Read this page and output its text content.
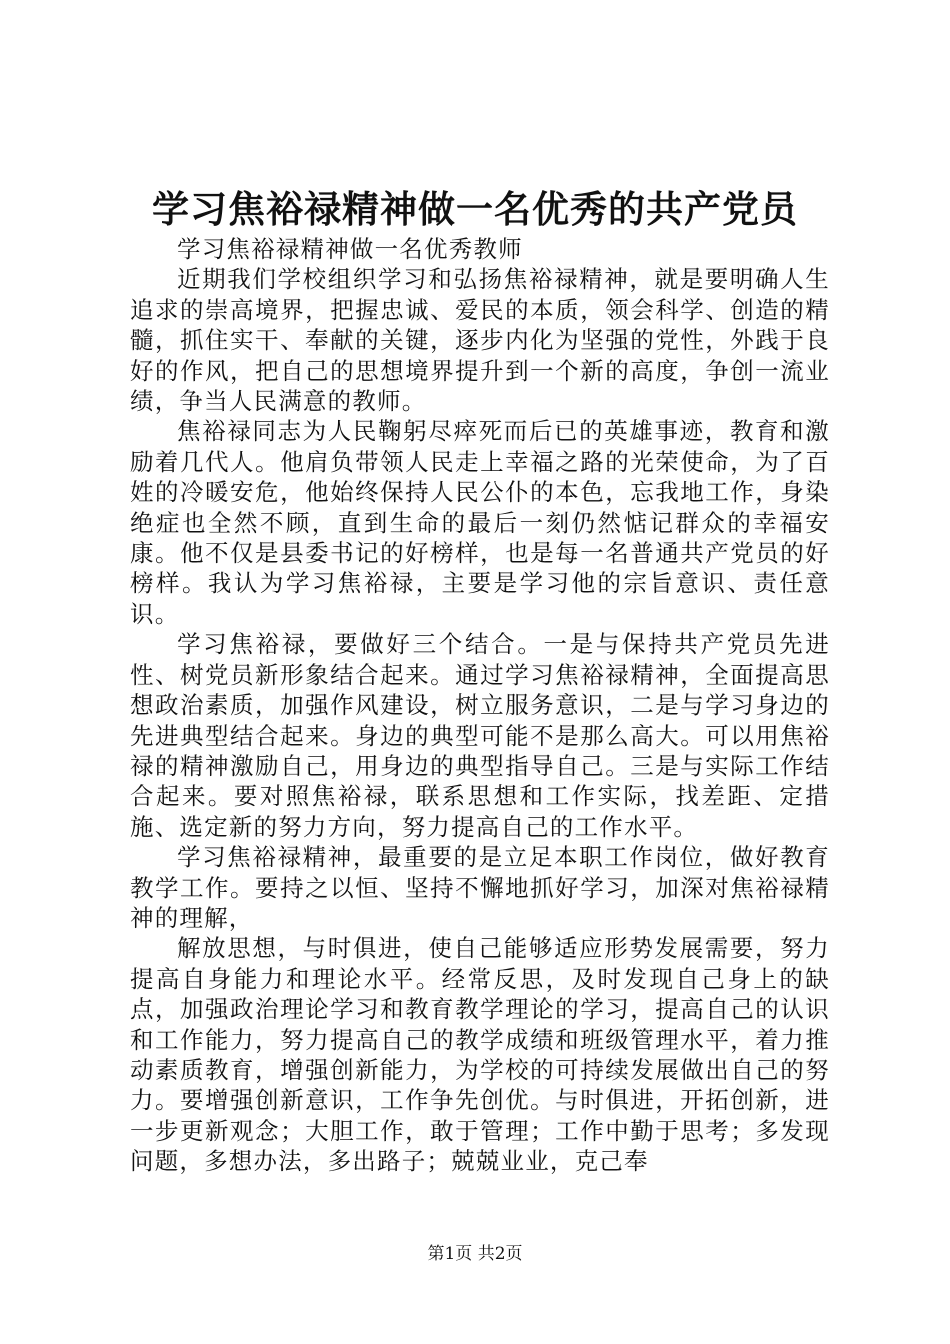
学习焦裕禄精神做一名优秀的共产党员

学习焦裕禄精神做一名优秀教师

近期我们学校组织学习和弘扬焦裕禄精神，就是要明确人生追求的崇高境界，把握忠诚、爱民的本质，领会科学、创造的精髓，抓住实干、奉献的关键，逐步内化为坚强的党性，外践于良好的作风，把自己的思想境界提升到一个新的高度，争创一流业绩，争当人民满意的教师。

焦裕禄同志为人民鞠躬尽瘁死而后已的英雄事迹，教育和激励着几代人。他肩负带领人民走上幸福之路的光荣使命，为了百姓的冷暖安危，他始终保持人民公仆的本色，忘我地工作，身染绝症也全然不顾，直到生命的最后一刻仍然惦记群众的幸福安康。他不仅是县委书记的好榜样，也是每一名普通共产党员的好榜样。我认为学习焦裕禄，主要是学习他的宗旨意识、责任意识。

学习焦裕禄，要做好三个结合。一是与保持共产党员先进性、树党员新形象结合起来。通过学习焦裕禄精神，全面提高思想政治素质，加强作风建设，树立服务意识，二是与学习身边的先进典型结合起来。身边的典型可能不是那么高大。可以用焦裕禄的精神激励自己，用身边的典型指导自己。三是与实际工作结合起来。要对照焦裕禄，联系思想和工作实际，找差距、定措施、选定新的努力方向，努力提高自己的工作水平。

学习焦裕禄精神，最重要的是立足本职工作岗位，做好教育教学工作。要持之以恒、坚持不懈地抓好学习，加深对焦裕禄精神的理解，

解放思想，与时俱进，使自己能够适应形势发展需要，努力提高自身能力和理论水平。经常反思，及时发现自己身上的缺点，加强政治理论学习和教育教学理论的学习，提高自己的认识和工作能力，努力提高自己的教学成绩和班级管理水平，着力推动素质教育，增强创新能力，为学校的可持续发展做出自己的努力。要增强创新意识，工作争先创优。与时俱进，开拓创新，进一步更新观念；大胆工作，敢于管理；工作中勤于思考；多发现问题，多想办法，多出路子；兢兢业业，克己奉

第1页 共2页
